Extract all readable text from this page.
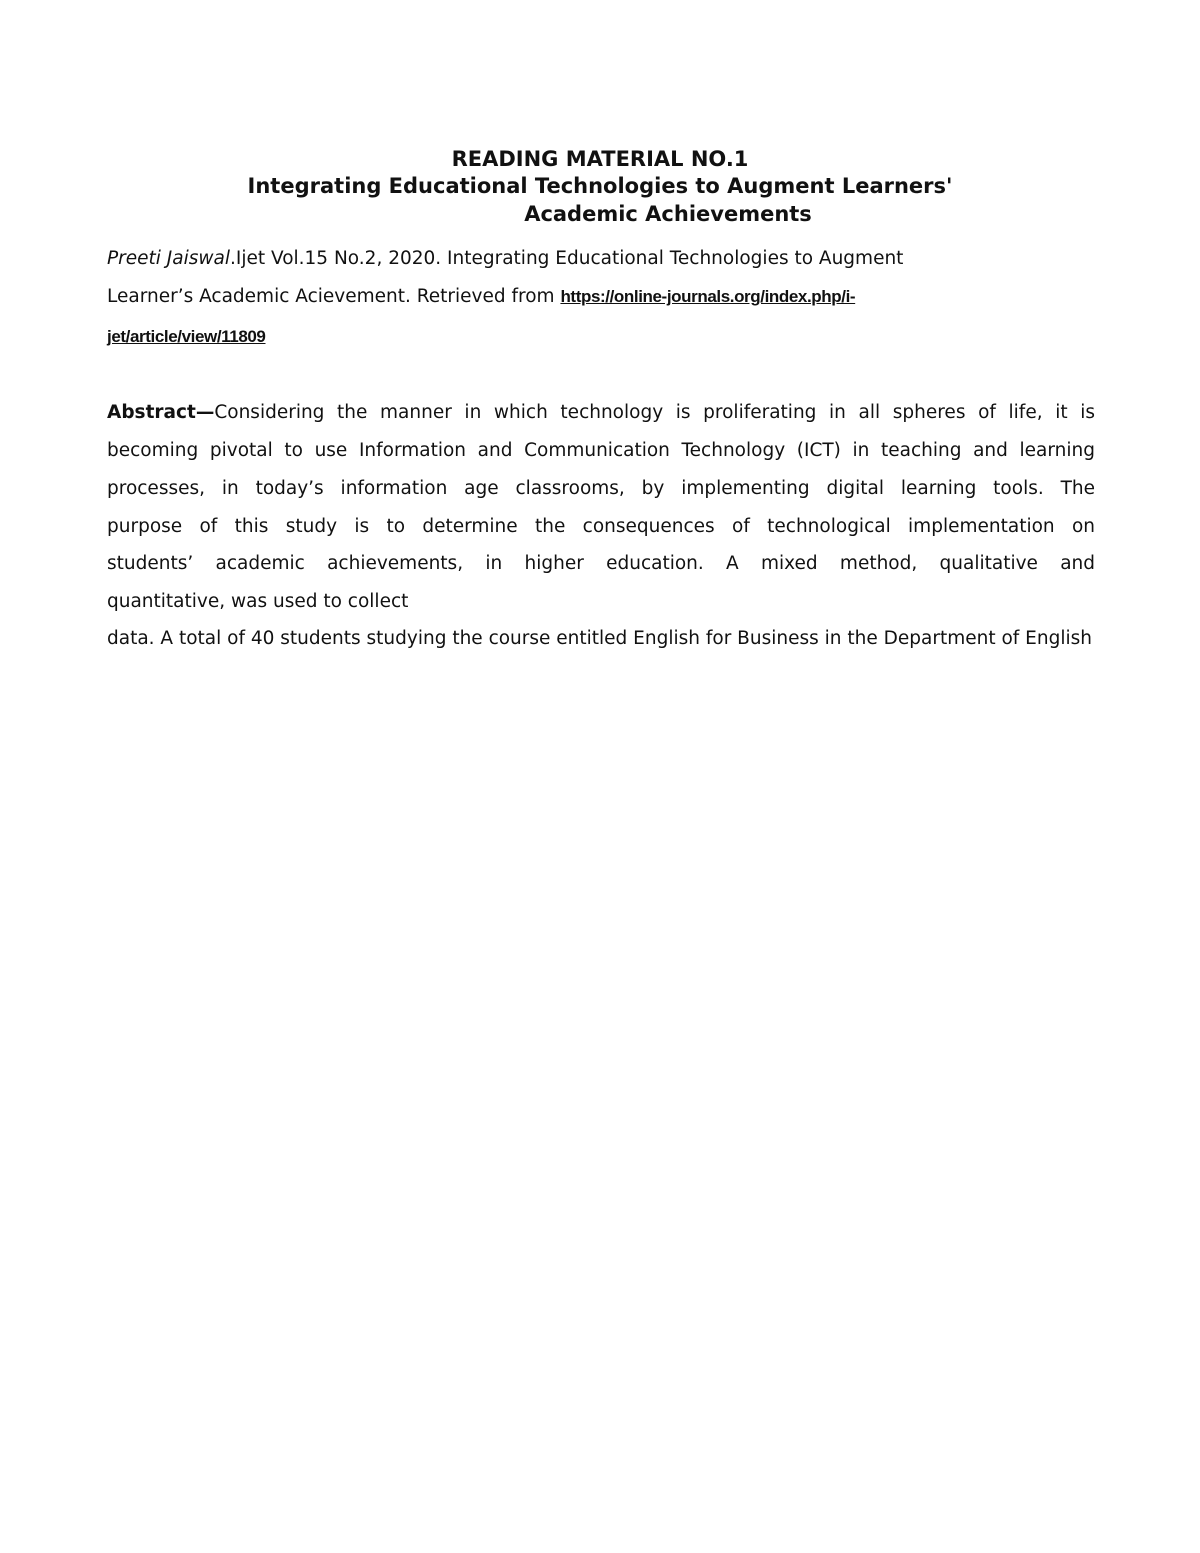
READING MATERIAL NO.1
Integrating Educational Technologies to Augment Learners'
Academic Achievements
Preeti Jaiswal.Ijet Vol.15 No.2, 2020. Integrating Educational Technologies to Augment
Learner’s Academic Acievement. Retrieved from https://online-journals.org/index.php/i-
jet/article/view/11809
Abstract—Considering the manner in which technology is proliferating in all spheres of life, it is
becoming pivotal to use Information and Communication Technology (ICT) in teaching and learning
processes, in today’s information age classrooms, by implementing digital learning tools. The
purpose of this study is to determine the consequences of technological implementation on
students’ academic achievements, in higher education. A mixed method, qualitative and
quantitative, was used to collect
data. A total of 40 students studying the course entitled English for Business in the Department of English
